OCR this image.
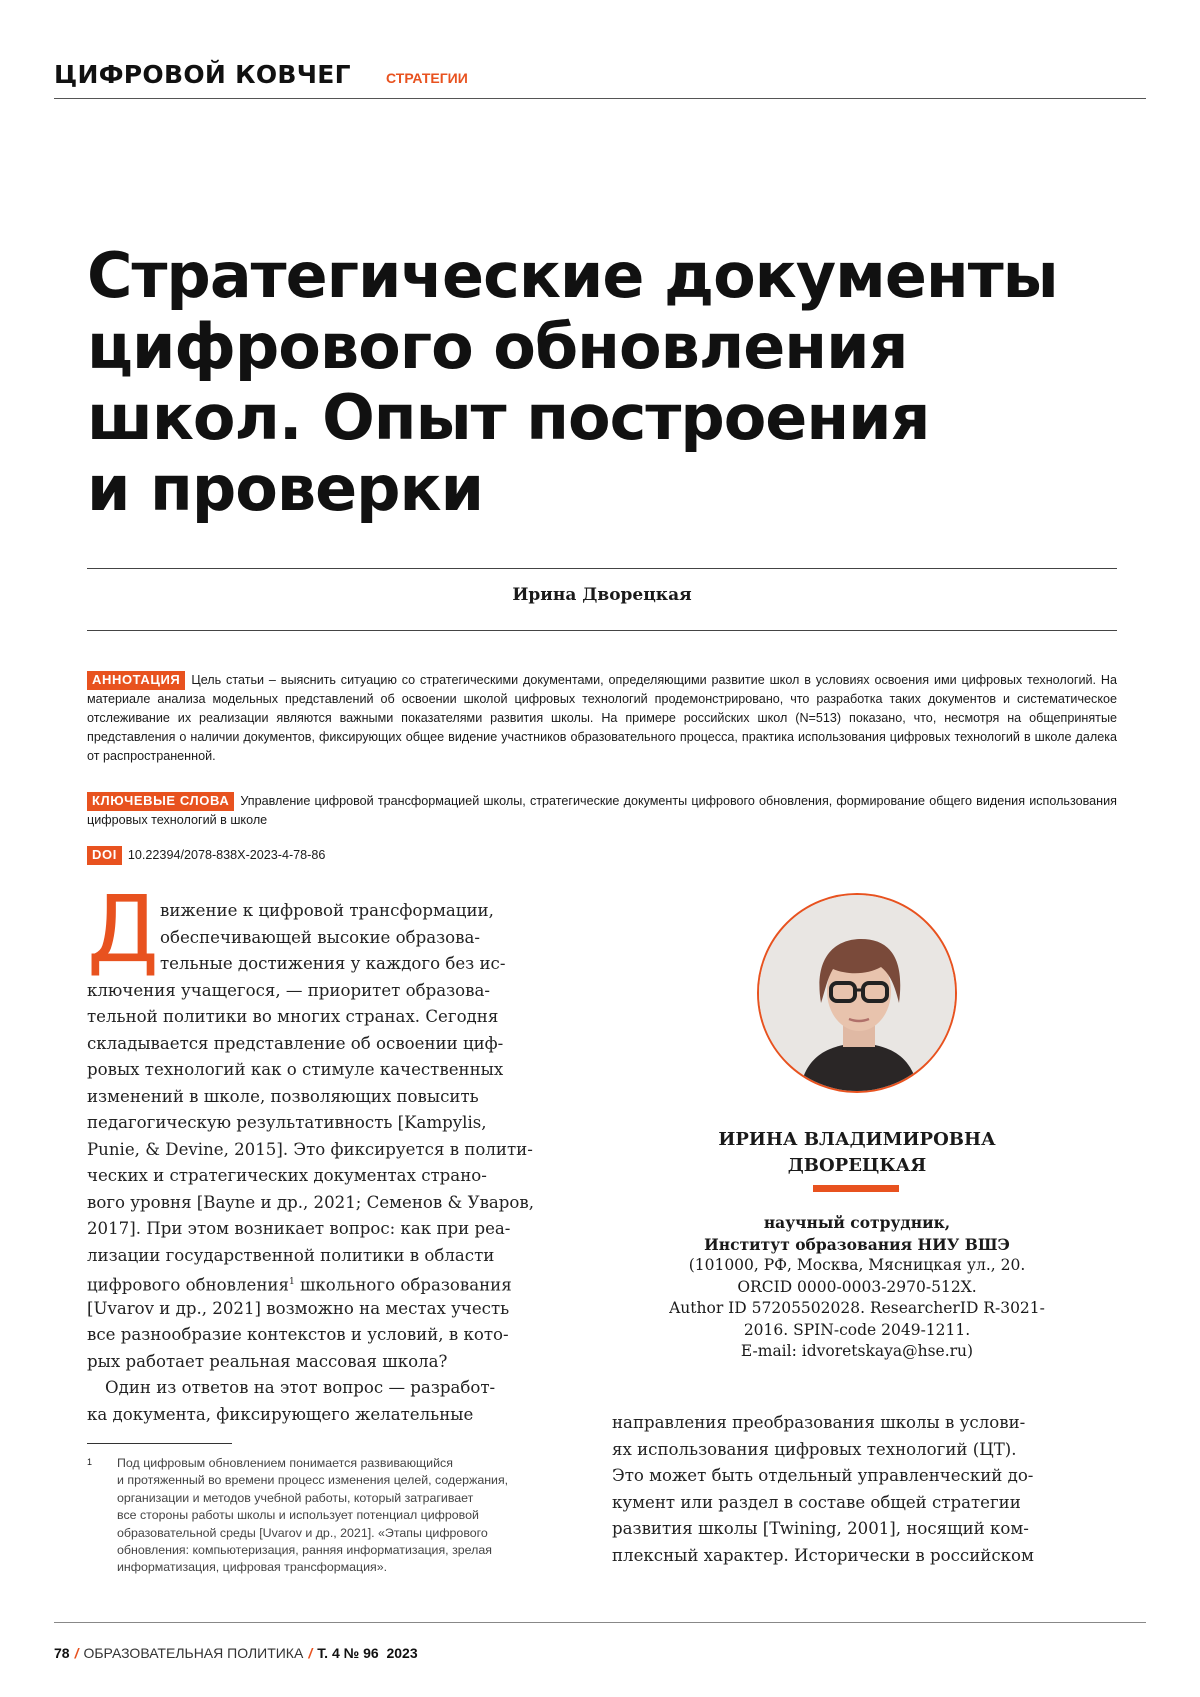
ЦИФРОВОЙ КОВЧЕГ	СТРАТЕГИИ
Стратегические документы
цифрового обновления
школ. Опыт построения
и проверки
Ирина Дворецкая
АННОТАЦИЯ Цель статьи – выяснить ситуацию со стратегическими документами, определяющими развитие школ в условиях освоения ими цифровых технологий. На материале анализа модельных представлений об освоении школой цифровых технологий продемонстрировано, что разработка таких документов и систематическое отслеживание их реализации являются важными показателями развития школы. На примере российских школ (N=513) показано, что, несмотря на общепринятые представления о наличии документов, фиксирующих общее видение участников образовательного процесса, практика использования цифровых технологий в школе далека от распространенной.
КЛЮЧЕВЫЕ СЛОВА Управление цифровой трансформацией школы, стратегические документы цифрового обновления, формирование общего видения использования цифровых технологий в школе
DOI 10.22394/2078-838X-2023-4-78-86
Д вижение к цифровой трансформации,
обеспечивающей высокие образова-
тельные достижения у каждого без ис-
ключения учащегося, — приоритет образова-
тельной политики во многих странах. Сегодня
складывается представление об освоении циф-
ровых технологий как о стимуле качественных
изменений в школе, позволяющих повысить
педагогическую результативность [Kampylis,
Punie, & Devine, 2015]. Это фиксируется в полити-
ческих и стратегических документах страно-
вого уровня [Bayne и др., 2021; Семенов & Уваров,
2017]. При этом возникает вопрос: как при реа-
лизации государственной политики в области
цифрового обновления1 школьного образования
[Uvarov и др., 2021] возможно на местах учесть
все разнообразие контекстов и условий, в кото-
рых работает реальная массовая школа?
Один из ответов на этот вопрос — разработ-
ка документа, фиксирующего желательные
ИРИНА ВЛАДИМИРОВНА ДВОРЕЦКАЯ
научный сотрудник,
Институт образования НИУ ВШЭ
(101000, РФ, Москва, Мясницкая ул., 20.
ORCID 0000-0003-2970-512X.
Author ID 57205502028. ResearcherID R-3021-
2016. SPIN-code 2049-1211.
E-mail: idvoretskaya@hse.ru)
направления преобразования школы в услови-
ях использования цифровых технологий (ЦТ).
Это может быть отдельный управленческий до-
кумент или раздел в составе общей стратегии
развития школы [Twining, 2001], носящий ком-
плексный характер. Исторически в российском
1 Под цифровым обновлением понимается развивающийся
и протяженный во времени процесс изменения целей, содержания,
организации и методов учебной работы, который затрагивает
все стороны работы школы и использует потенциал цифровой
образовательной среды [Uvarov и др., 2021]. «Этапы цифрового
обновления: компьютеризация, ранняя информатизация, зрелая
информатизация, цифровая трансформация».
78 / ОБРАЗОВАТЕЛЬНАЯ ПОЛИТИКА / Т. 4 № 96  2023
